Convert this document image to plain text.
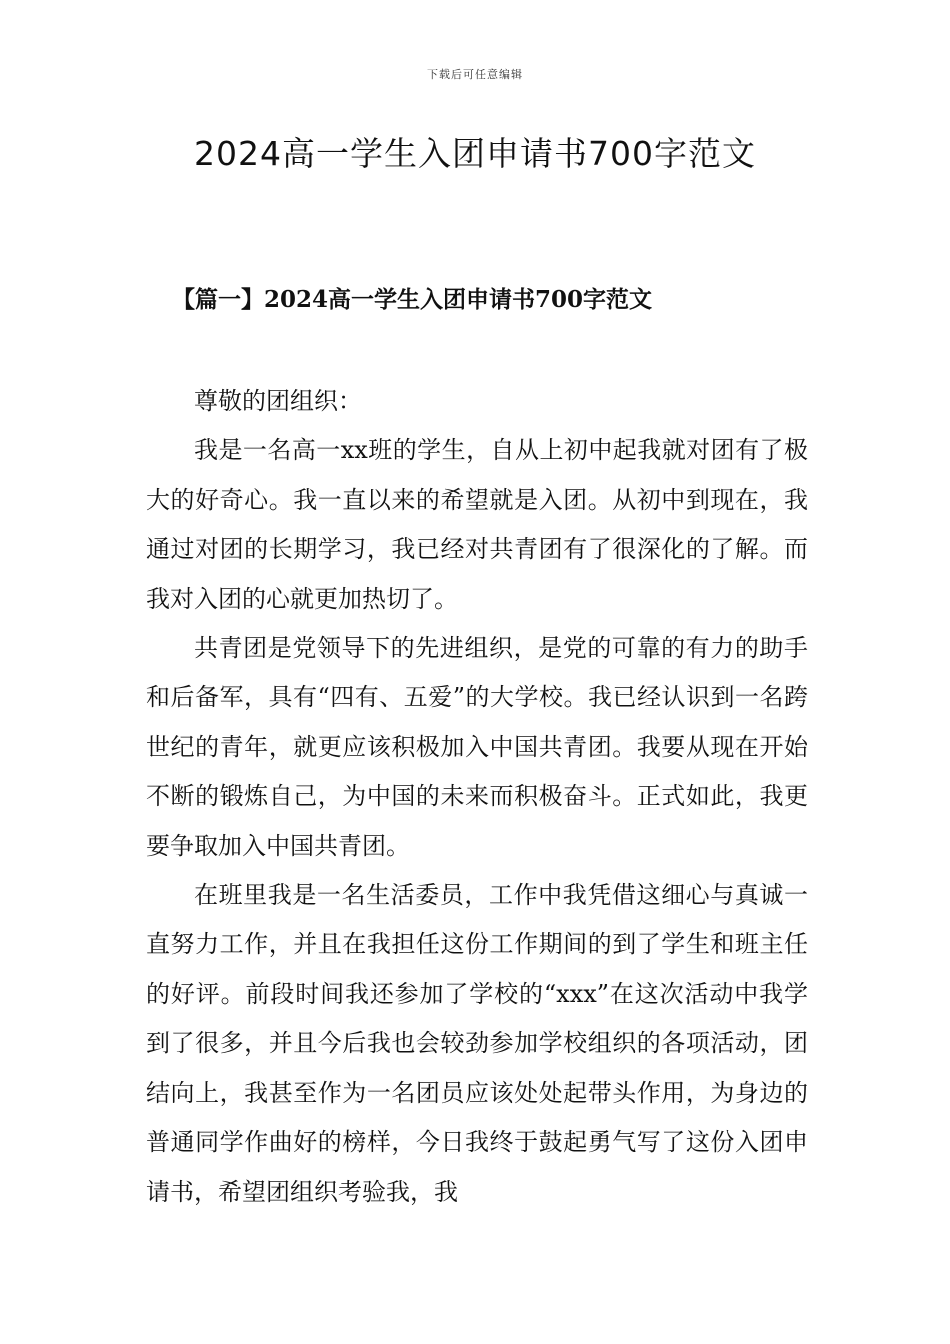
下载后可任意编辑
2024高一学生入团申请书700字范文
【篇一】2024高一学生入团申请书700字范文

尊敬的团组织：

我是一名高一xx班的学生，自从上初中起我就对团有了极大的好奇心。我一直以来的希望就是入团。从初中到现在，我通过对团的长期学习，我已经对共青团有了很深化的了解。而我对入团的心就更加热切了。

共青团是党领导下的先进组织，是党的可靠的有力的助手和后备军，具有“四有、五爱”的大学校。我已经认识到一名跨世纪的青年，就更应该积极加入中国共青团。我要从现在开始不断的锻炼自己，为中国的未来而积极奋斗。正式如此，我更要争取加入中国共青团。

在班里我是一名生活委员，工作中我凭借这细心与真诚一直努力工作，并且在我担任这份工作期间的到了学生和班主任的好评。前段时间我还参加了学校的“xxx”在这次活动中我学到了很多，并且今后我也会较劲参加学校组织的各项活动，团结向上，我甚至作为一名团员应该处处起带头作用，为身边的普通同学作曲好的榜样，今日我终于鼓起勇气写了这份入团申请书，希望团组织考验我，我
